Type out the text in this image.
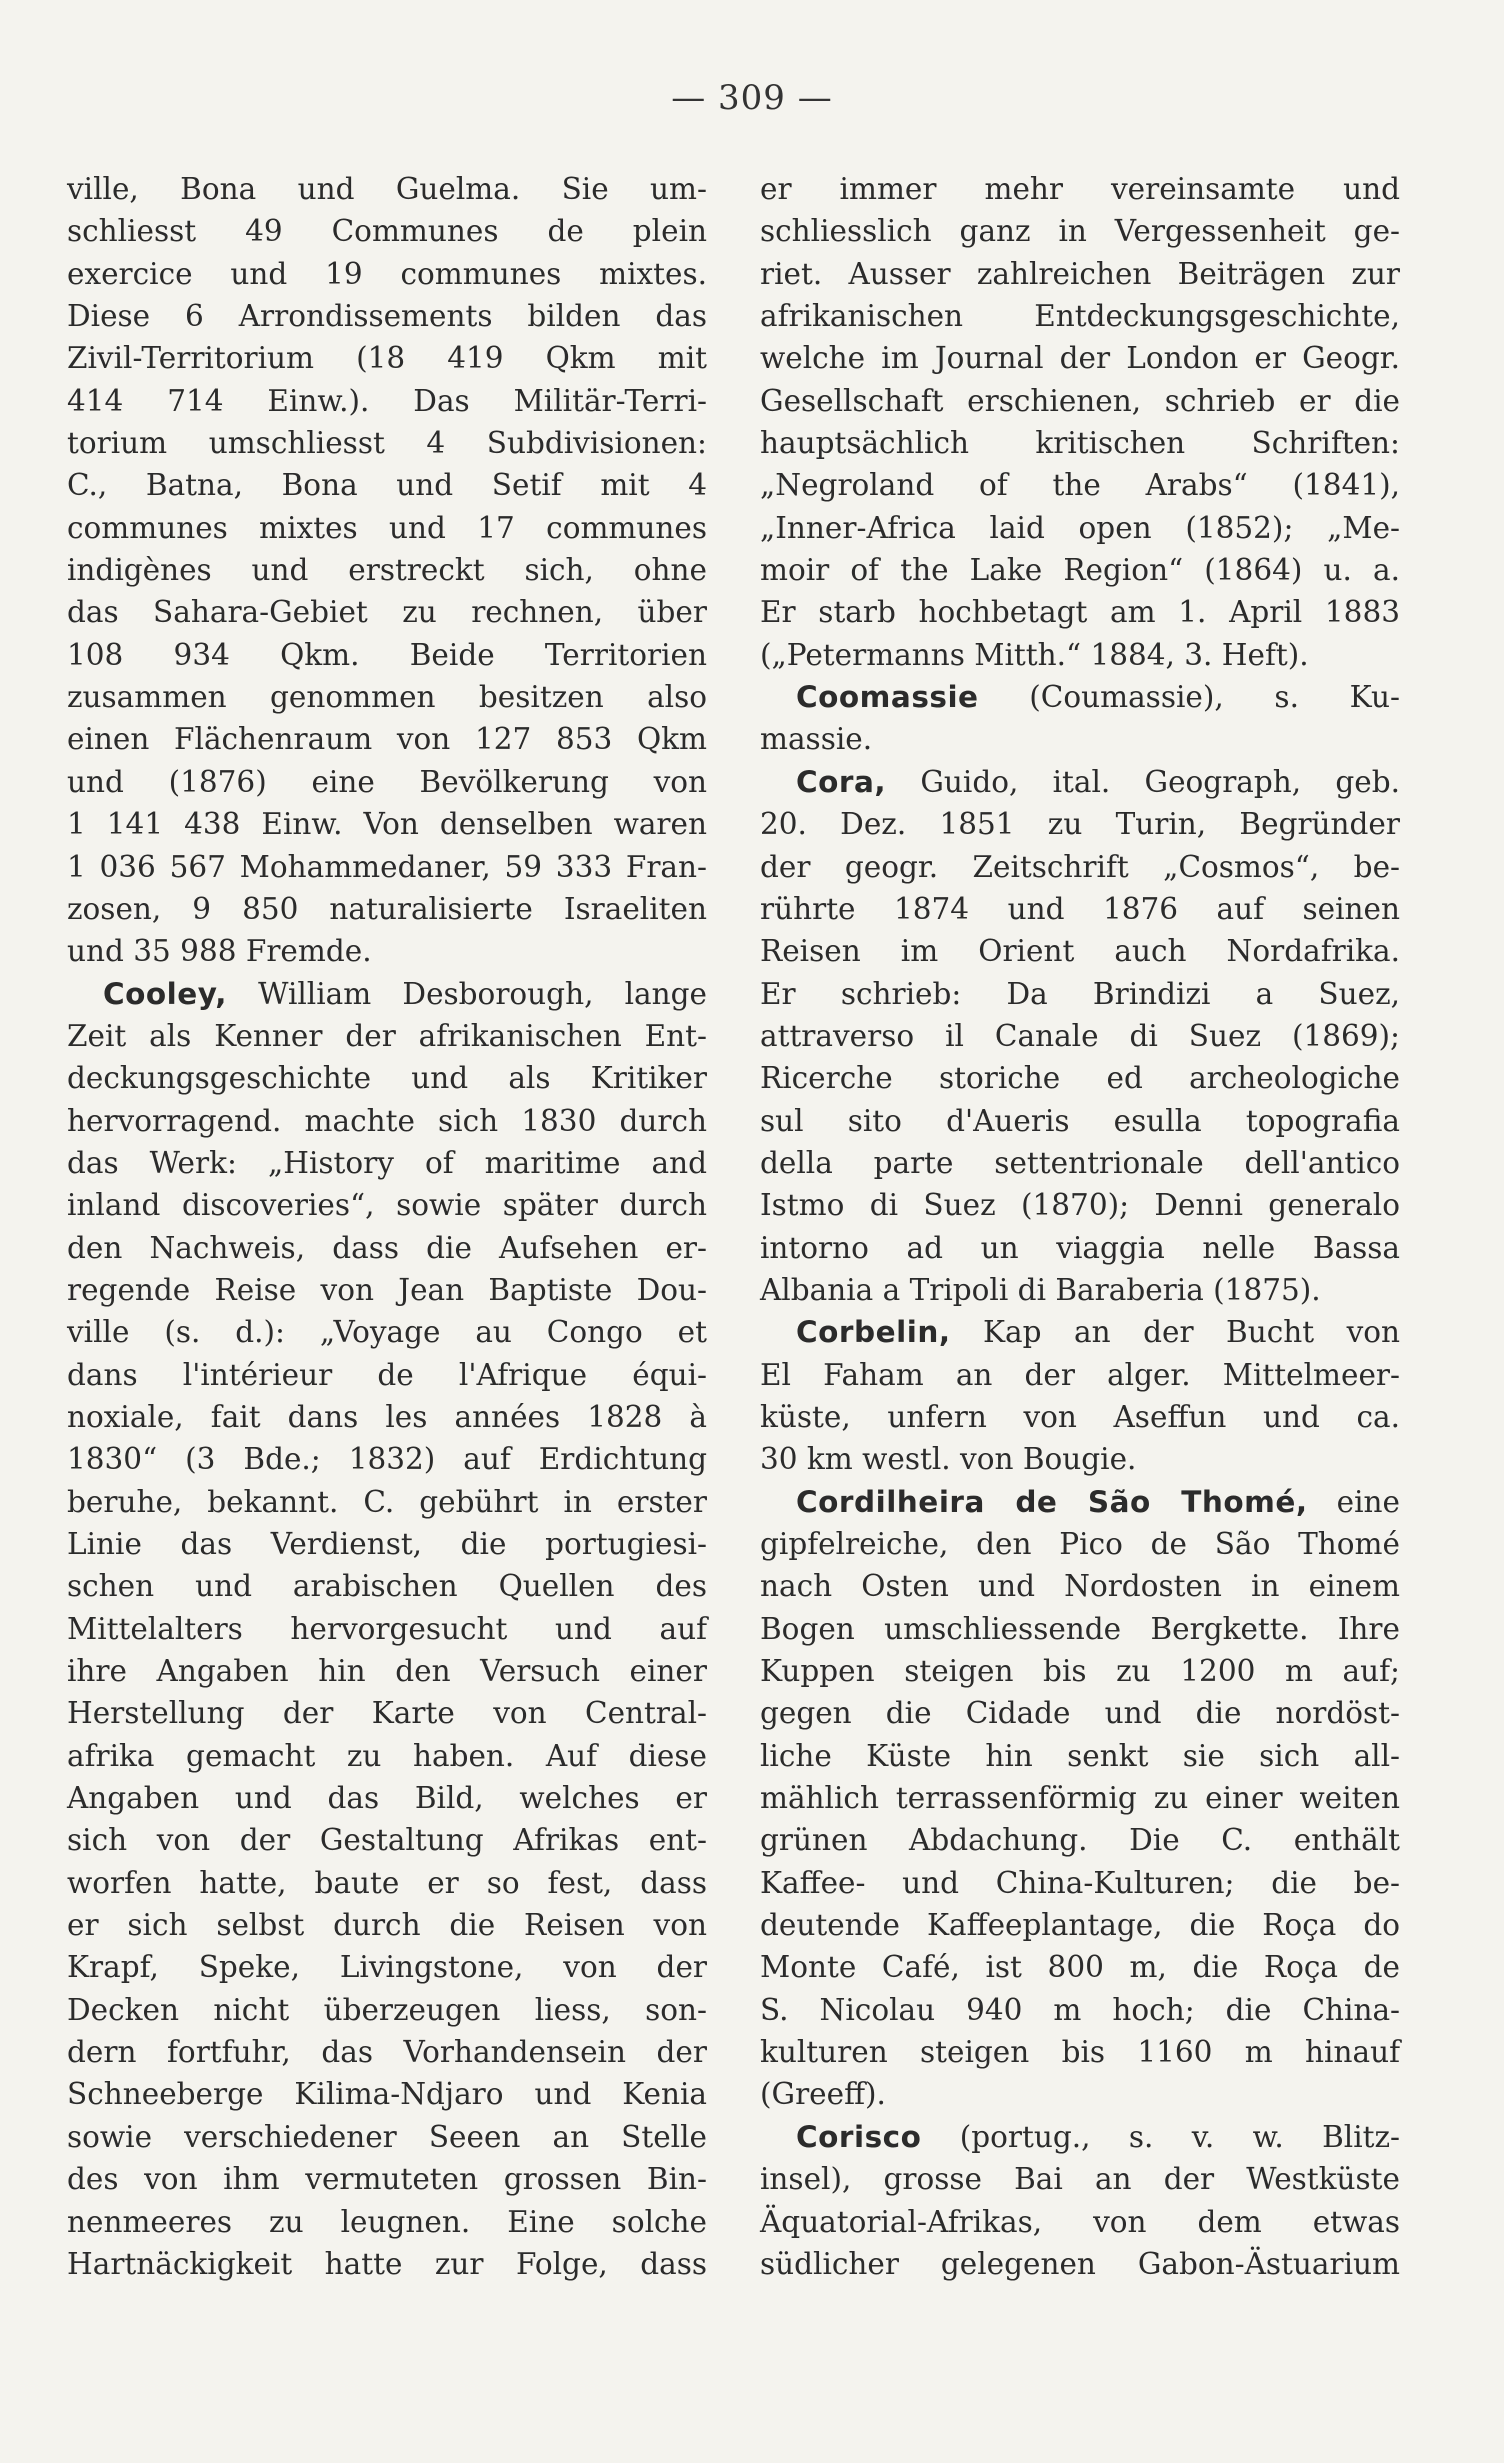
— 309 —
ville, Bona und Guelma. Sie um-
schliesst 49 Communes de plein
exercice und 19 communes mixtes.
Diese 6 Arrondissements bilden das
Zivil-Territorium (18 419 Qkm mit
414 714 Einw.). Das Militär-Terri-
torium umschliesst 4 Subdivisionen:
C., Batna, Bona und Setif mit 4
communes mixtes und 17 communes
indigènes und erstreckt sich, ohne
das Sahara-Gebiet zu rechnen, über
108 934 Qkm. Beide Territorien
zusammen genommen besitzen also
einen Flächenraum von 127 853 Qkm
und (1876) eine Bevölkerung von
1 141 438 Einw. Von denselben waren
1 036 567 Mohammedaner, 59 333 Fran-
zosen, 9 850 naturalisierte Israeliten
und 35 988 Fremde.
Cooley, William Desborough, lange
Zeit als Kenner der afrikanischen Ent-
deckungsgeschichte und als Kritiker
hervorragend. machte sich 1830 durch
das Werk: „History of maritime and
inland discoveries“, sowie später durch
den Nachweis, dass die Aufsehen er-
regende Reise von Jean Baptiste Dou-
ville (s. d.): „Voyage au Congo et
dans l'intérieur de l'Afrique équi-
noxiale, fait dans les années 1828 à
1830“ (3 Bde.; 1832) auf Erdichtung
beruhe, bekannt. C. gebührt in erster
Linie das Verdienst, die portugiesi-
schen und arabischen Quellen des
Mittelalters hervorgesucht und auf
ihre Angaben hin den Versuch einer
Herstellung der Karte von Central-
afrika gemacht zu haben. Auf diese
Angaben und das Bild, welches er
sich von der Gestaltung Afrikas ent-
worfen hatte, baute er so fest, dass
er sich selbst durch die Reisen von
Krapf, Speke, Livingstone, von der
Decken nicht überzeugen liess, son-
dern fortfuhr, das Vorhandensein der
Schneeberge Kilima-Ndjaro und Kenia
sowie verschiedener Seeen an Stelle
des von ihm vermuteten grossen Bin-
nenmeeres zu leugnen. Eine solche
Hartnäckigkeit hatte zur Folge, dass
er immer mehr vereinsamte und
schliesslich ganz in Vergessenheit ge-
riet. Ausser zahlreichen Beiträgen zur
afrikanischen Entdeckungsgeschichte,
welche im Journal der London er Geogr.
Gesellschaft erschienen, schrieb er die
hauptsächlich kritischen Schriften:
„Negroland of the Arabs“ (1841),
„Inner-Africa laid open (1852); „Me-
moir of the Lake Region“ (1864) u. a.
Er starb hochbetagt am 1. April 1883
(„Petermanns Mitth.“ 1884, 3. Heft).
Coomassie (Coumassie), s. Ku-
massie.
Cora, Guido, ital. Geograph, geb.
20. Dez. 1851 zu Turin, Begründer
der geogr. Zeitschrift „Cosmos“, be-
rührte 1874 und 1876 auf seinen
Reisen im Orient auch Nordafrika.
Er schrieb: Da Brindizi a Suez,
attraverso il Canale di Suez (1869);
Ricerche storiche ed archeologiche
sul sito d'Aueris esulla topografia
della parte settentrionale dell'antico
Istmo di Suez (1870); Denni generalo
intorno ad un viaggia nelle Bassa
Albania a Tripoli di Baraberia (1875).
Corbelin, Kap an der Bucht von
El Faham an der alger. Mittelmeer-
küste, unfern von Aseffun und ca.
30 km westl. von Bougie.
Cordilheira de São Thomé, eine
gipfelreiche, den Pico de São Thomé
nach Osten und Nordosten in einem
Bogen umschliessende Bergkette. Ihre
Kuppen steigen bis zu 1200 m auf;
gegen die Cidade und die nordöst-
liche Küste hin senkt sie sich all-
mählich terrassenförmig zu einer weiten
grünen Abdachung. Die C. enthält
Kaffee- und China-Kulturen; die be-
deutende Kaffeeplantage, die Roça do
Monte Café, ist 800 m, die Roça de
S. Nicolau 940 m hoch; die China-
kulturen steigen bis 1160 m hinauf
(Greeff).
Corisco (portug., s. v. w. Blitz-
insel), grosse Bai an der Westküste
Äquatorial-Afrikas, von dem etwas
südlicher gelegenen Gabon-Ästuarium
